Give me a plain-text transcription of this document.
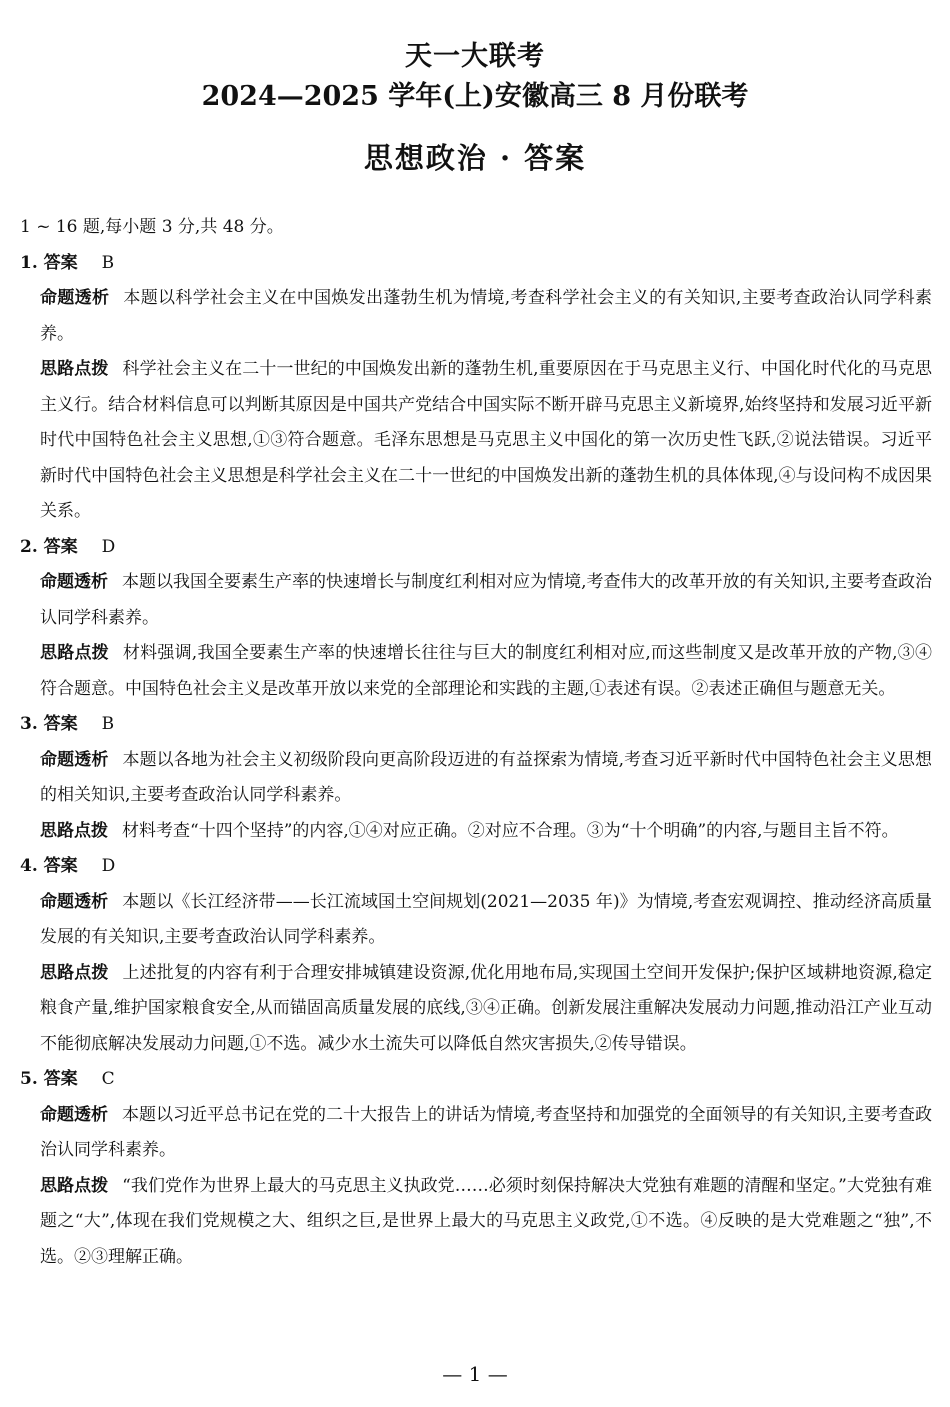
天一大联考
2024—2025 学年(上)安徽高三 8 月份联考
思想政治 · 答案
1 ~ 16 题,每小题 3 分,共 48 分。
1. 答案 B
命题透析 本题以科学社会主义在中国焕发出蓬勃生机为情境,考查科学社会主义的有关知识,主要考查政治认同学科素养。
思路点拨 科学社会主义在二十一世纪的中国焕发出新的蓬勃生机,重要原因在于马克思主义行、中国化时代化的马克思主义行。结合材料信息可以判断其原因是中国共产党结合中国实际不断开辟马克思主义新境界,始终坚持和发展习近平新时代中国特色社会主义思想,①③符合题意。毛泽东思想是马克思主义中国化的第一次历史性飞跃,②说法错误。习近平新时代中国特色社会主义思想是科学社会主义在二十一世纪的中国焕发出新的蓬勃生机的具体体现,④与设问构不成因果关系。
2. 答案 D
命题透析 本题以我国全要素生产率的快速增长与制度红利相对应为情境,考查伟大的改革开放的有关知识,主要考查政治认同学科素养。
思路点拨 材料强调,我国全要素生产率的快速增长往往与巨大的制度红利相对应,而这些制度又是改革开放的产物,③④符合题意。中国特色社会主义是改革开放以来党的全部理论和实践的主题,①表述有误。②表述正确但与题意无关。
3. 答案 B
命题透析 本题以各地为社会主义初级阶段向更高阶段迈进的有益探索为情境,考查习近平新时代中国特色社会主义思想的相关知识,主要考查政治认同学科素养。
思路点拨 材料考查“十四个坚持”的内容,①④对应正确。②对应不合理。③为“十个明确”的内容,与题目主旨不符。
4. 答案 D
命题透析 本题以《长江经济带——长江流域国土空间规划(2021—2035 年)》为情境,考查宏观调控、推动经济高质量发展的有关知识,主要考查政治认同学科素养。
思路点拨 上述批复的内容有利于合理安排城镇建设资源,优化用地布局,实现国土空间开发保护;保护区域耕地资源,稳定粮食产量,维护国家粮食安全,从而锚固高质量发展的底线,③④正确。创新发展注重解决发展动力问题,推动沿江产业互动不能彻底解决发展动力问题,①不选。减少水土流失可以降低自然灾害损失,②传导错误。
5. 答案 C
命题透析 本题以习近平总书记在党的二十大报告上的讲话为情境,考查坚持和加强党的全面领导的有关知识,主要考查政治认同学科素养。
思路点拨 “我们党作为世界上最大的马克思主义执政党……必须时刻保持解决大党独有难题的清醒和坚定。”大党独有难题之“大”,体现在我们党规模之大、组织之巨,是世界上最大的马克思主义政党,①不选。④反映的是大党难题之“独”,不选。②③理解正确。
— 1 —
